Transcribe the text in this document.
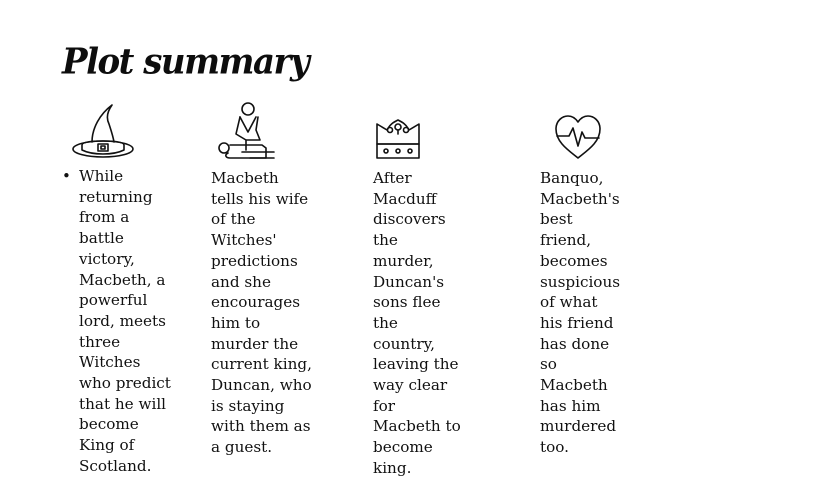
Plot summary
• While returning from a battle victory, Macbeth, a powerful lord, meets three Witches who predict that he will become King of Scotland.

Macbeth tells his wife of the Witches' predictions and she encourages him to murder the current king, Duncan, who is staying with them as a guest.

After Macduff discovers the murder, Duncan's sons flee the country, leaving the way clear for Macbeth to become king.

Banquo, Macbeth's best friend, becomes suspicious of what his friend has done so Macbeth has him murdered too.
